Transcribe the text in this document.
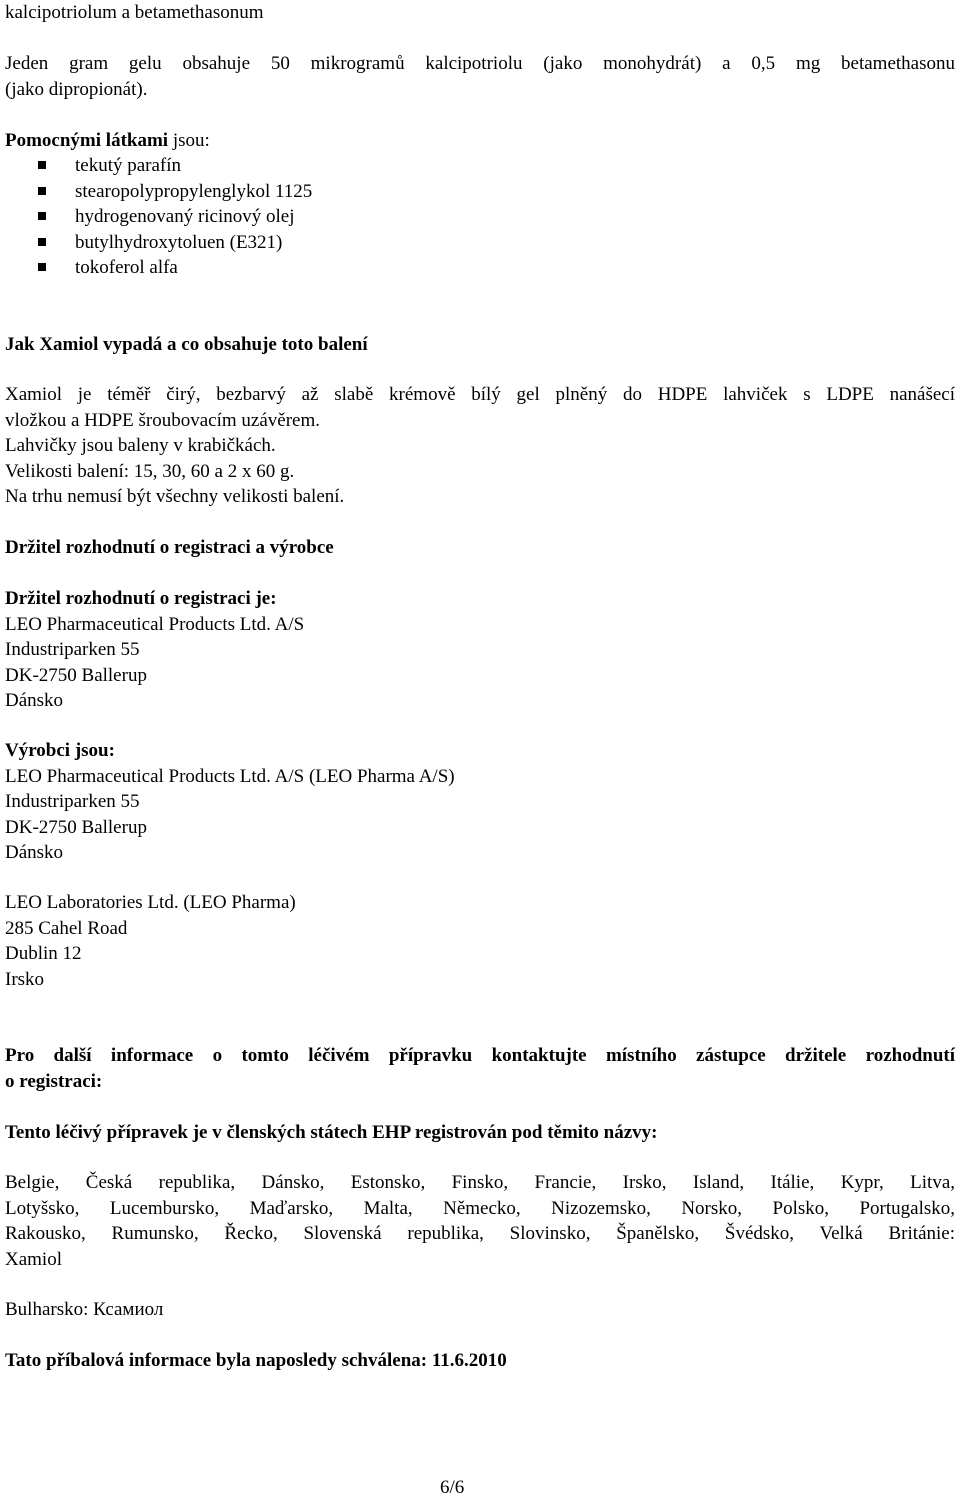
kalcipotriolum a betamethasonum

Jeden gram gelu obsahuje 50 mikrogramů kalcipotriolu (jako monohydrát) a 0,5 mg betamethasonu
(jako dipropionát).

Pomocnými látkami jsou:

tekutý parafín
stearopolypropylenglykol 1125
hydrogenovaný ricinový olej
butylhydroxytoluen (E321)
tokoferol alfa

Jak Xamiol vypadá a co obsahuje toto balení

Xamiol je téměř čirý, bezbarvý až slabě krémově bílý gel plněný do HDPE lahviček s LDPE nanášecí
vložkou a HDPE šroubovacím uzávěrem.
Lahvičky jsou baleny v krabičkách.
Velikosti balení: 15, 30, 60 a 2 x 60 g.
Na trhu nemusí být všechny velikosti balení.

Držitel rozhodnutí o registraci a výrobce

Držitel rozhodnutí o registraci je:
LEO Pharmaceutical Products Ltd. A/S
Industriparken 55
DK-2750 Ballerup
Dánsko

Výrobci jsou:
LEO Pharmaceutical Products Ltd. A/S (LEO Pharma A/S)
Industriparken 55
DK-2750 Ballerup
Dánsko

LEO Laboratories Ltd. (LEO Pharma)
285 Cahel Road
Dublin 12
Irsko

Pro další informace o tomto léčivém přípravku kontaktujte místního zástupce držitele rozhodnutí
o registraci:

Tento léčivý přípravek je v členských státech EHP registrován pod těmito názvy:

Belgie, Česká republika, Dánsko, Estonsko, Finsko, Francie, Irsko, Island, Itálie, Kypr, Litva,
Lotyšsko, Lucembursko, Maďarsko, Malta, Německo, Nizozemsko, Norsko, Polsko, Portugalsko,
Rakousko, Rumunsko, Řecko, Slovenská republika, Slovinsko, Španělsko, Švédsko, Velká Británie:
Xamiol

Bulharsko: Ксамиол

Tato příbalová informace byla naposledy schválena: 11.6.2010

6/6
